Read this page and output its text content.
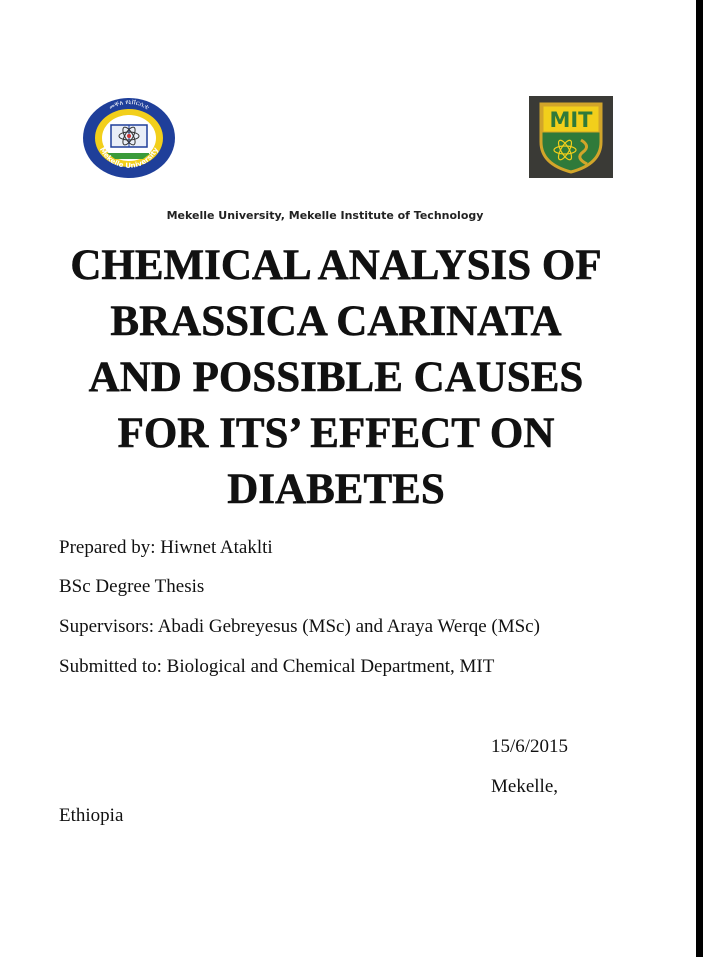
መቐለ ዩኒቨርሲቲ
Mekelle University
MIT
Mekelle University, Mekelle Institute of Technology
CHEMICAL ANALYSIS OF
BRASSICA CARINATA
AND POSSIBLE CAUSES
FOR ITS’ EFFECT ON
DIABETES
Prepared by: Hiwnet Ataklti
BSc Degree Thesis
Supervisors: Abadi Gebreyesus (MSc) and Araya Werqe (MSc)
Submitted to: Biological and Chemical Department, MIT
15/6/2015
Mekelle,
Ethiopia
